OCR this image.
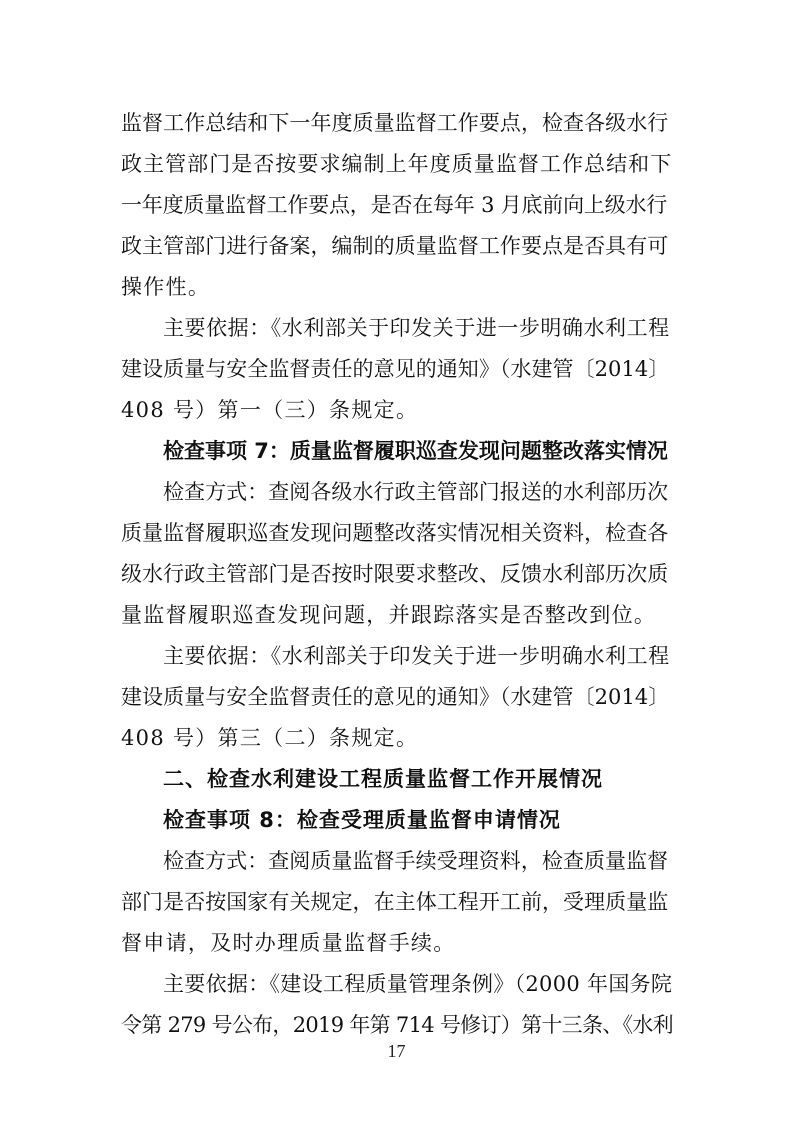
监督工作总结和下一年度质量监督工作要点，检查各级水行
政主管部门是否按要求编制上年度质量监督工作总结和下
一年度质量监督工作要点，是否在每年 3 月底前向上级水行
政主管部门进行备案，编制的质量监督工作要点是否具有可
操作性。
主要依据：《水利部关于印发关于进一步明确水利工程
建设质量与安全监督责任的意见的通知》（水建管〔2014〕
408 号）第一（三）条规定。
检查事项 7：质量监督履职巡查发现问题整改落实情况
检查方式：查阅各级水行政主管部门报送的水利部历次
质量监督履职巡查发现问题整改落实情况相关资料，检查各
级水行政主管部门是否按时限要求整改、反馈水利部历次质
量监督履职巡查发现问题，并跟踪落实是否整改到位。
主要依据：《水利部关于印发关于进一步明确水利工程
建设质量与安全监督责任的意见的通知》（水建管〔2014〕
408 号）第三（二）条规定。
二、检查水利建设工程质量监督工作开展情况
检查事项 8：检查受理质量监督申请情况
检查方式：查阅质量监督手续受理资料，检查质量监督
部门是否按国家有关规定，在主体工程开工前，受理质量监
督申请，及时办理质量监督手续。
主要依据：《建设工程质量管理条例》（2000 年国务院
令第 279 号公布，2019 年第 714 号修订）第十三条、《水利
17
